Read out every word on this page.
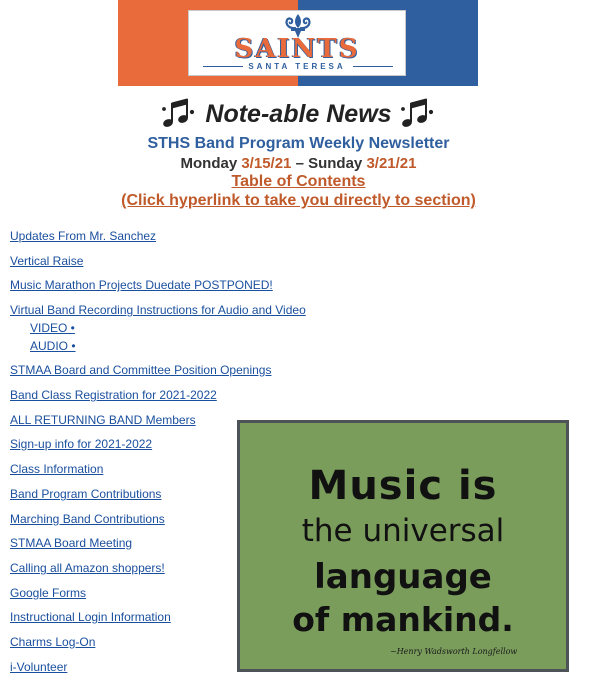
SAINTS
SANTA TERESA
Note-able News
STHS Band Program Weekly Newsletter
Monday 3/15/21 – Sunday 3/21/21
Table of Contents
(Click hyperlink to take you directly to section)
Updates From Mr. Sanchez
Vertical Raise
Music Marathon Projects Duedate POSTPONED!
Virtual Band Recording Instructions for Audio and Video
VIDEO •
AUDIO •
STMAA Board and Committee Position Openings
Band Class Registration for 2021-2022
ALL RETURNING BAND Members
Sign-up info for 2021-2022
Class Information
Band Program Contributions
Marching Band Contributions
STMAA Board Meeting
Calling all Amazon shoppers!
Google Forms
Instructional Login Information
Charms Log-On
i-Volunteer
Music is
the universal
language
of mankind.
~Henry Wadsworth Longfellow
